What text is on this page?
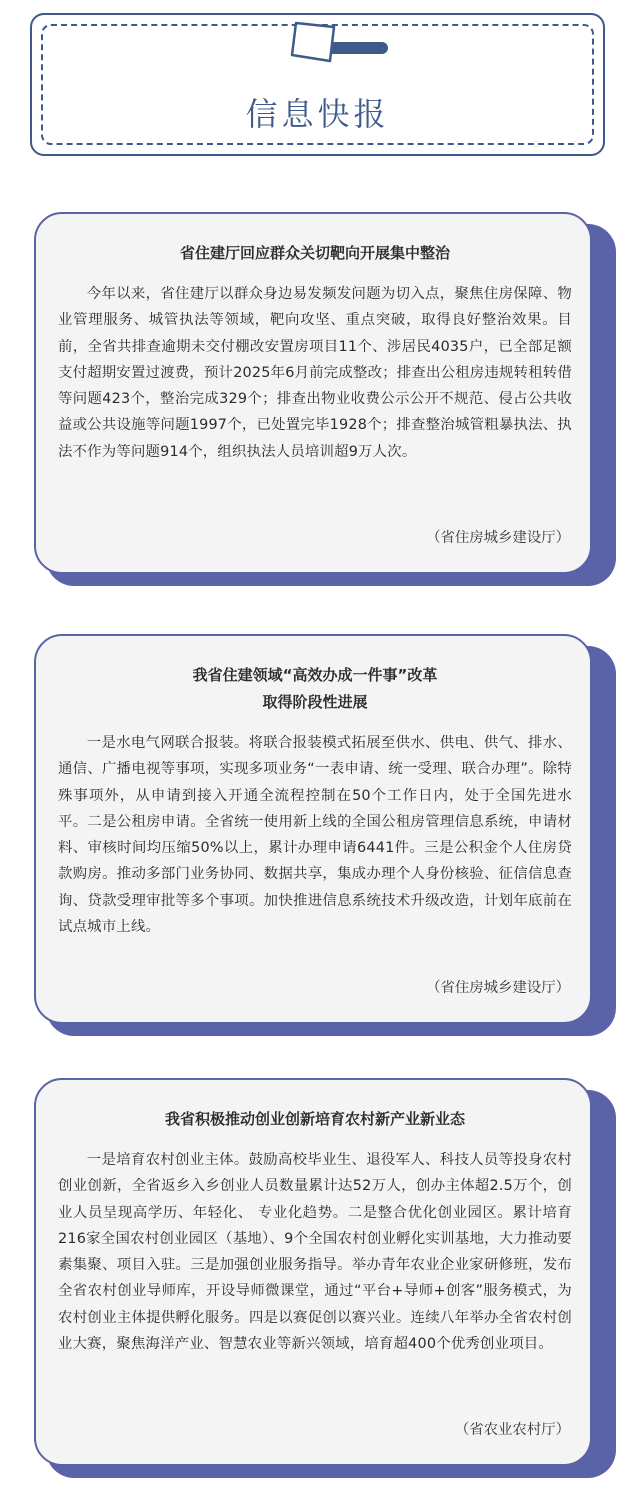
信息快报
省住建厅回应群众关切靶向开展集中整治

今年以来，省住建厅以群众身边易发频发问题为切入点，聚焦住房保障、物业管理服务、城管执法等领域，靶向攻坚、重点突破，取得良好整治效果。目前，全省共排查逾期未交付棚改安置房项目11个、涉居民4035户，已全部足额支付超期安置过渡费，预计2025年6月前完成整改；排查出公租房违规转租转借等问题423个，整治完成329个；排查出物业收费公示公开不规范、侵占公共收益或公共设施等问题1997个，已处置完毕1928个；排查整治城管粗暴执法、执法不作为等问题914个，组织执法人员培训超9万人次。

（省住房城乡建设厅）
我省住建领域“高效办成一件事”改革
取得阶段性进展

一是水电气网联合报装。将联合报装模式拓展至供水、供电、供气、排水、通信、广播电视等事项，实现多项业务“一表申请、统一受理、联合办理”。除特殊事项外，从申请到接入开通全流程控制在50个工作日内，处于全国先进水平。二是公租房申请。全省统一使用新上线的全国公租房管理信息系统，申请材料、审核时间均压缩50%以上，累计办理申请6441件。三是公积金个人住房贷款购房。推动多部门业务协同、数据共享，集成办理个人身份核验、征信信息查询、贷款受理审批等多个事项。加快推进信息系统技术升级改造，计划年底前在试点城市上线。

（省住房城乡建设厅）
我省积极推动创业创新培育农村新产业新业态

一是培育农村创业主体。鼓励高校毕业生、退役军人、科技人员等投身农村创业创新，全省返乡入乡创业人员数量累计达52万人，创办主体超2.5万个，创业人员呈现高学历、年轻化、 专业化趋势。二是整合优化创业园区。累计培育216家全国农村创业园区（基地）、9个全国农村创业孵化实训基地，大力推动要素集聚、项目入驻。三是加强创业服务指导。举办青年农业企业家研修班，发布全省农村创业导师库，开设导师微课堂，通过“平台+导师+创客”服务模式，为农村创业主体提供孵化服务。四是以赛促创以赛兴业。连续八年举办全省农村创业大赛，聚焦海洋产业、智慧农业等新兴领域，培育超400个优秀创业项目。

（省农业农村厅）
